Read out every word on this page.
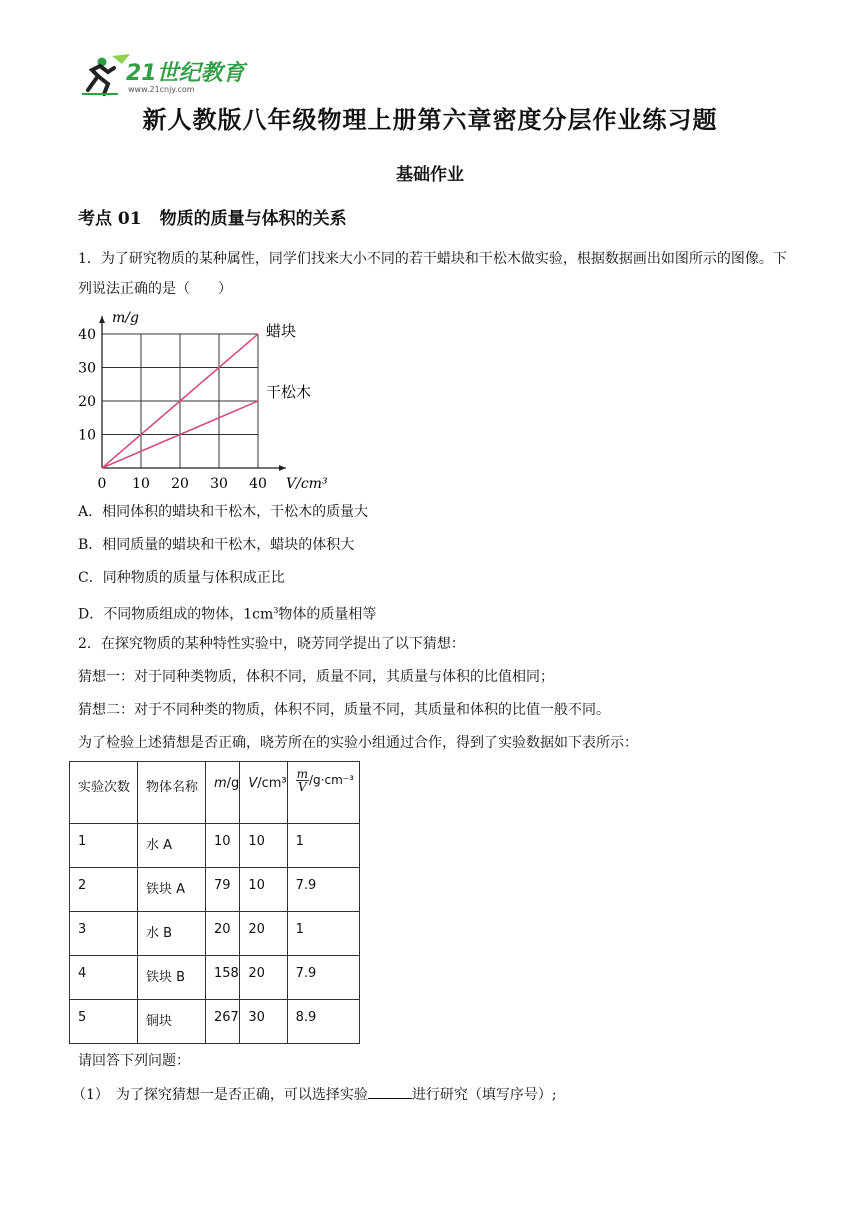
21世纪教育
www.21cnjy.com
新人教版八年级物理上册第六章密度分层作业练习题
基础作业
考点 01 物质的质量与体积的关系
1．为了研究物质的某种属性，同学们找来大小不同的若干蜡块和干松木做实验，根据数据画出如图所示的图像。下列说法正确的是（　　）
0 10 20 30 40
10
20
30
40
V/cm³
m/g
蜡块
干松木
A．相同体积的蜡块和干松木，干松木的质量大
B．相同质量的蜡块和干松木，蜡块的体积大
C．同种物质的质量与体积成正比
D．不同物质组成的物体，$1cm^3$物体的质量相等
2．在探究物质的某种特性实验中，晓芳同学提出了以下猜想：
猜想一：对于同种类物质，体积不同，质量不同，其质量与体积的比值相同；
猜想二：对于不同种类的物质，体积不同，质量不同，其质量和体积的比值一般不同。
为了检验上述猜想是否正确，晓芳所在的实验小组通过合作，得到了实验数据如下表所示：
实验次数	物体名称	m/g	V/cm³	$\frac{m}{V} /g\cdot cm^{-3}$
1	水 A	10	10	1
2	铁块 A	79	10	7.9
3	水 B	20	20	1
4	铁块 B	158	20	7.9
5	铜块	267	30	8.9
请回答下列问题：
（1）　为了探究猜想一是否正确，可以选择实验	进行研究（填写序号）;
